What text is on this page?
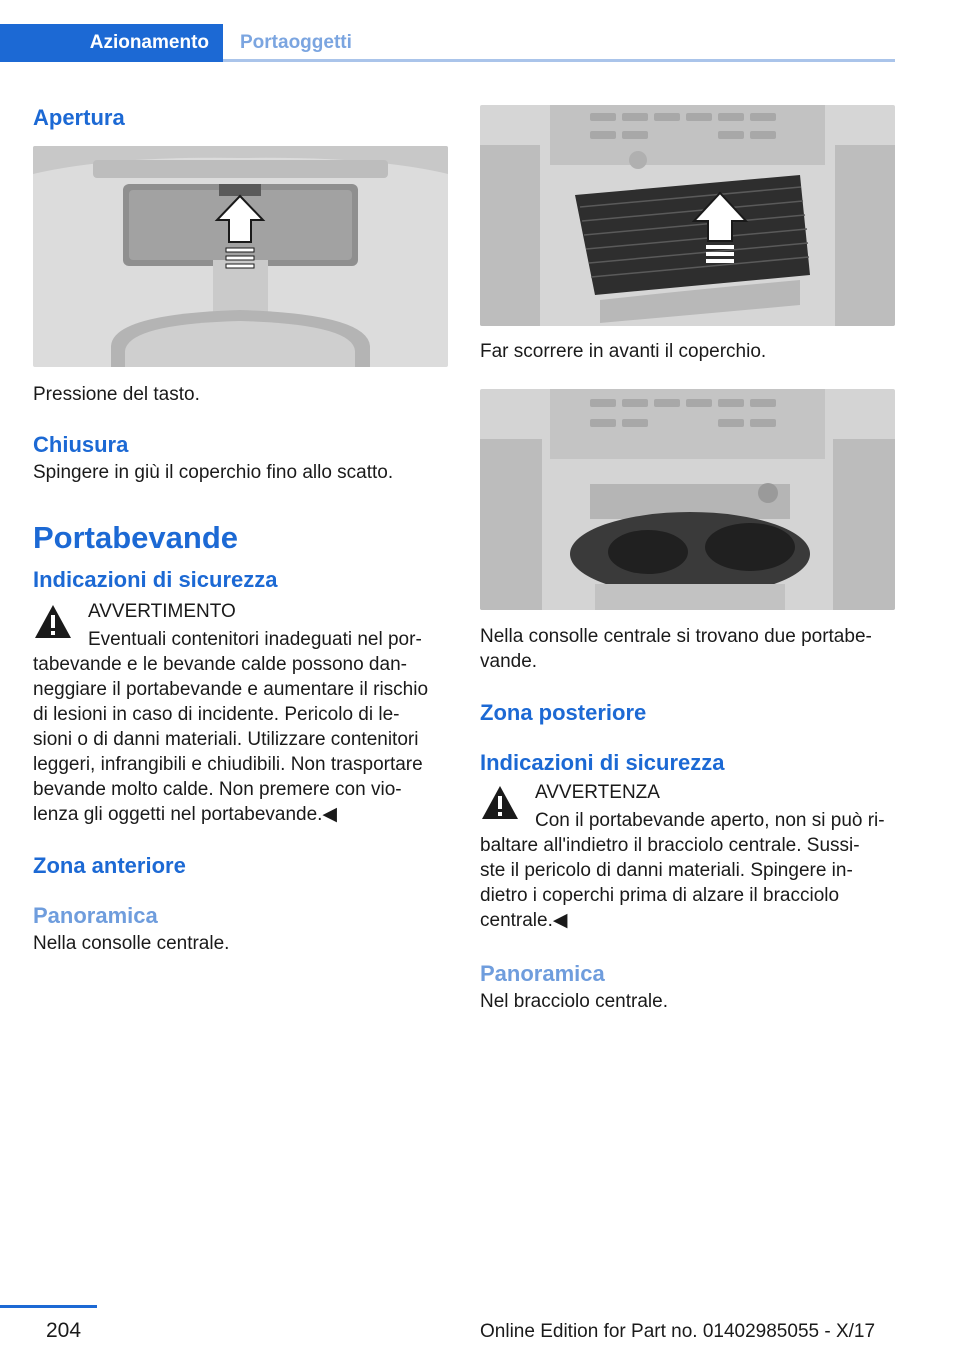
Azionamento	Portaoggetti
Apertura

Pressione del tasto.

Chiusura

Spingere in giù il coperchio fino allo scatto.

Portabevande
Indicazioni di sicurezza
AVVERTIMENTO
Eventuali contenitori inadeguati nel por-
tabevande e le bevande calde possono dan-
neggiare il portabevande e aumentare il rischio
di lesioni in caso di incidente. Pericolo di le-
sioni o di danni materiali. Utilizzare contenitori
leggeri, infrangibili e chiudibili. Non trasportare
bevande molto calde. Non premere con vio-
lenza gli oggetti nel portabevande.◀
Zona anteriore
Panoramica

Nella consolle centrale.

Far scorrere in avanti il coperchio.

Nella consolle centrale si trovano due portabe-
vande.
Zona posteriore
Indicazioni di sicurezza
AVVERTENZA
Con il portabevande aperto, non si può ri-
baltare all'indietro il bracciolo centrale. Sussi-
ste il pericolo di danni materiali. Spingere in-
dietro i coperchi prima di alzare il bracciolo
centrale.◀
Panoramica

Nel bracciolo centrale.

204	Online Edition for Part no. 01402985055 - X/17
